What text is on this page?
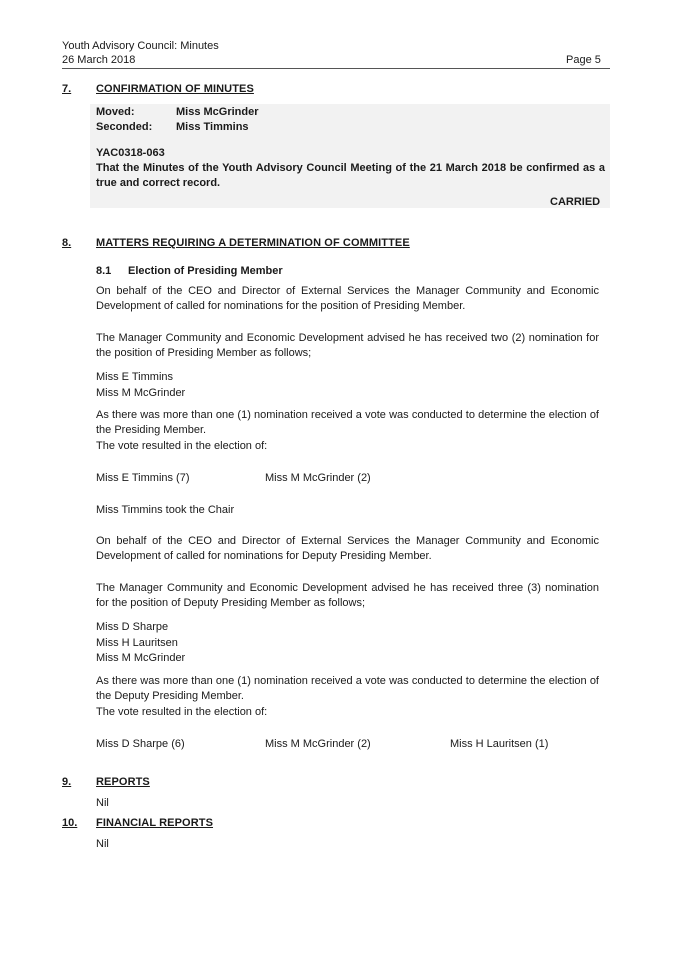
Youth Advisory Council: Minutes
26 March 2018	Page 5
7. CONFIRMATION OF MINUTES
Moved:	Miss McGrinder
Seconded: Miss Timmins
YAC0318-063
That the Minutes of the Youth Advisory Council Meeting of the 21 March 2018 be confirmed as a true and correct record.
CARRIED
8. MATTERS REQUIRING A DETERMINATION OF COMMITTEE
8.1 Election of Presiding Member
On behalf of the CEO and Director of External Services the Manager Community and Economic Development of called for nominations for the position of Presiding Member.
The Manager Community and Economic Development advised he has received two (2) nomination for the position of Presiding Member as follows;
Miss E Timmins
Miss M McGrinder
As there was more than one (1) nomination received a vote was conducted to determine the election of the Presiding Member.
The vote resulted in the election of:
Miss E Timmins (7)	Miss M McGrinder (2)
Miss Timmins took the Chair
On behalf of the CEO and Director of External Services the Manager Community and Economic Development of called for nominations for Deputy Presiding Member.
The Manager Community and Economic Development advised he has received three (3) nomination for the position of Deputy Presiding Member as follows;
Miss D Sharpe
Miss H Lauritsen
Miss M McGrinder
As there was more than one (1) nomination received a vote was conducted to determine the election of the Deputy Presiding Member.
The vote resulted in the election of:
Miss D Sharpe (6)	Miss M McGrinder (2)	Miss H Lauritsen (1)
9. REPORTS
Nil
10. FINANCIAL REPORTS
Nil
